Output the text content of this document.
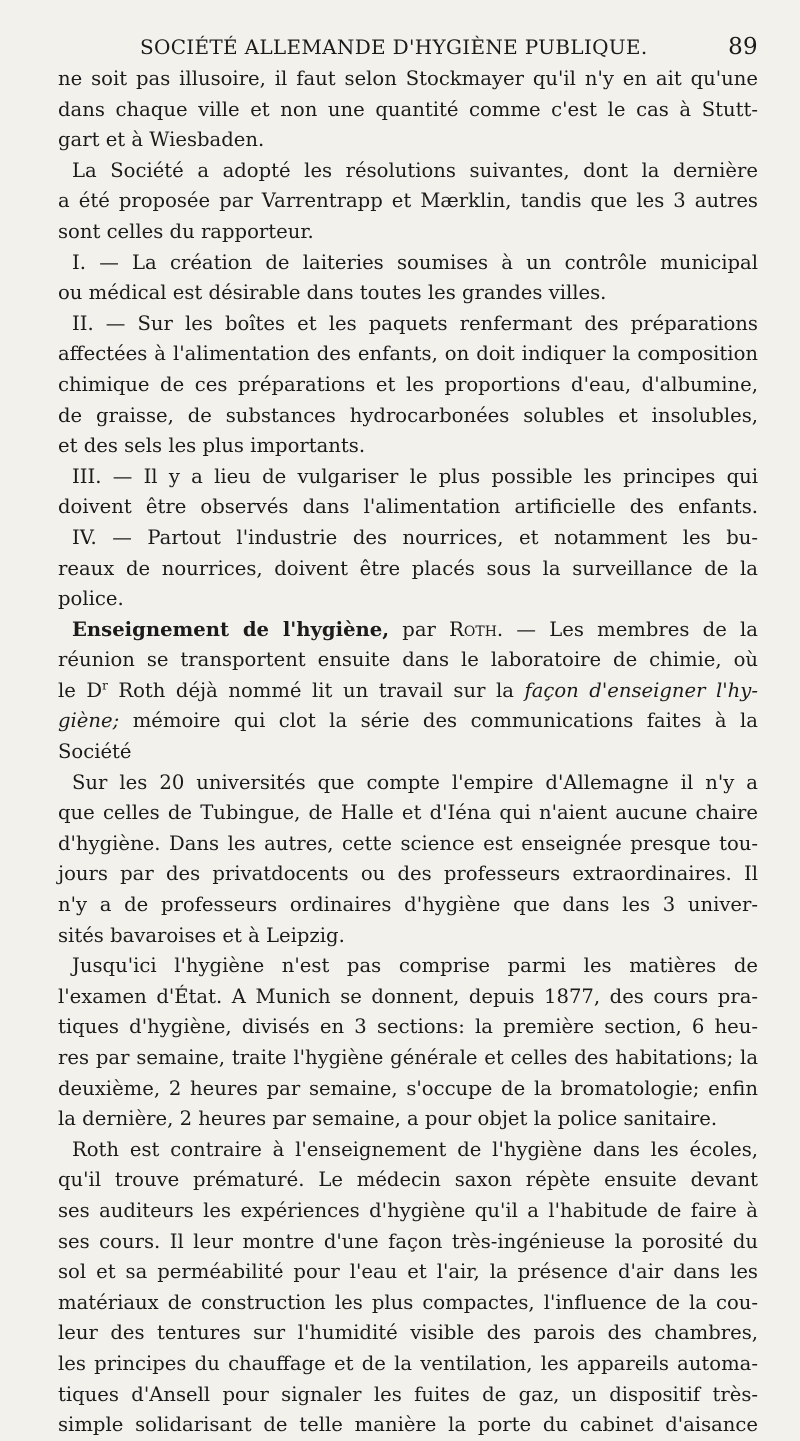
SOCIÉTÉ ALLEMANDE D'HYGIÈNE PUBLIQUE.	89
ne soit pas illusoire, il faut selon Stockmayer qu'il n'y en ait qu'une
dans chaque ville et non une quantité comme c'est le cas à Stutt-
gart et à Wiesbaden.
La Société a adopté les résolutions suivantes, dont la dernière
a été proposée par Varrentrapp et Mærklin, tandis que les 3 autres
sont celles du rapporteur.
I. — La création de laiteries soumises à un contrôle municipal
ou médical est désirable dans toutes les grandes villes.
II. — Sur les boîtes et les paquets renfermant des préparations
affectées à l'alimentation des enfants, on doit indiquer la composition
chimique de ces préparations et les proportions d'eau, d'albumine,
de graisse, de substances hydrocarbonées solubles et insolubles,
et des sels les plus importants.
III. — Il y a lieu de vulgariser le plus possible les principes qui
doivent être observés dans l'alimentation artificielle des enfants.
IV. — Partout l'industrie des nourrices, et notamment les bu-
reaux de nourrices, doivent être placés sous la surveillance de la
police.
Enseignement de l'hygiène, par Roth. — Les membres de la
réunion se transportent ensuite dans le laboratoire de chimie, où
le $D^r$ Roth déjà nommé lit un travail sur la façon d'enseigner l'hy-
giène; mémoire qui clot la série des communications faites à la
Société
Sur les 20 universités que compte l'empire d'Allemagne il n'y a
que celles de Tubingue, de Halle et d'Iéna qui n'aient aucune chaire
d'hygiène. Dans les autres, cette science est enseignée presque tou-
jours par des privatdocents ou des professeurs extraordinaires. Il
n'y a de professeurs ordinaires d'hygiène que dans les 3 univer-
sités bavaroises et à Leipzig.
Jusqu'ici l'hygiène n'est pas comprise parmi les matières de
l'examen d'État. A Munich se donnent, depuis 1877, des cours pra-
tiques d'hygiène, divisés en 3 sections: la première section, 6 heu-
res par semaine, traite l'hygiène générale et celles des habitations; la
deuxième, 2 heures par semaine, s'occupe de la bromatologie; enfin
la dernière, 2 heures par semaine, a pour objet la police sanitaire.
Roth est contraire à l'enseignement de l'hygiène dans les écoles,
qu'il trouve prématuré. Le médecin saxon répète ensuite devant
ses auditeurs les expériences d'hygiène qu'il a l'habitude de faire à
ses cours. Il leur montre d'une façon très-ingénieuse la porosité du
sol et sa perméabilité pour l'eau et l'air, la présence d'air dans les
matériaux de construction les plus compactes, l'influence de la cou-
leur des tentures sur l'humidité visible des parois des chambres,
les principes du chauffage et de la ventilation, les appareils automa-
tiques d'Ansell pour signaler les fuites de gaz, un dispositif très-
simple solidarisant de telle manière la porte du cabinet d'aisance
